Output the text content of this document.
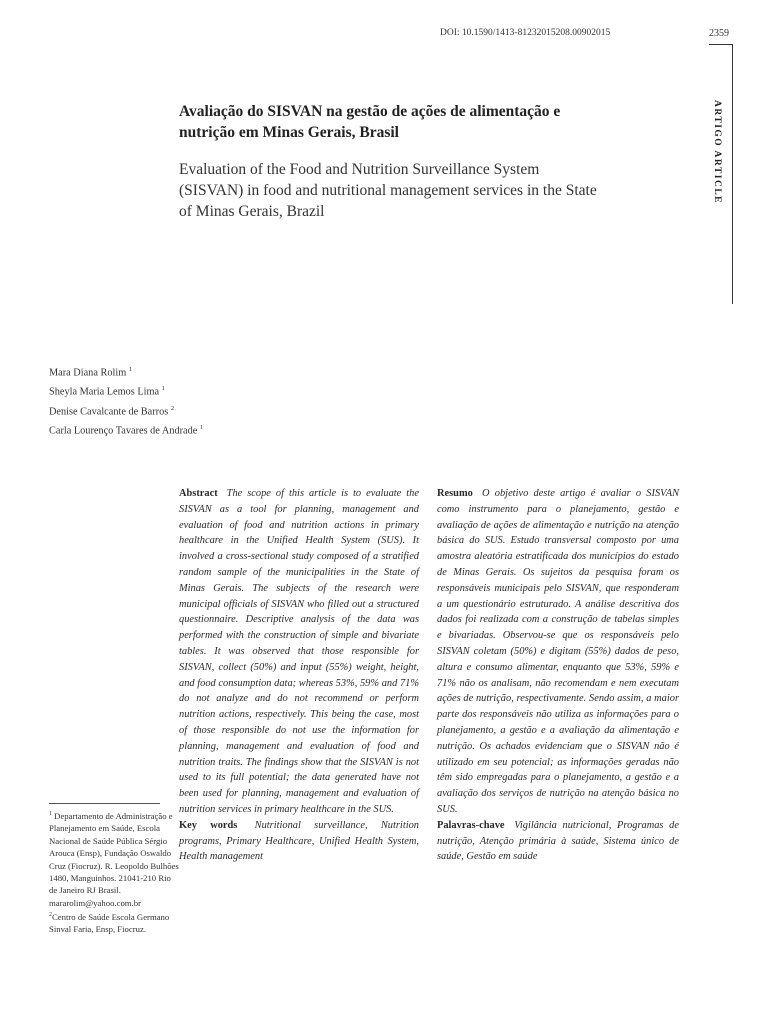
DOI: 10.1590/1413-81232015208.00902015	2359
ARTIGO ARTICLE
Avaliação do SISVAN na gestão de ações de alimentação e nutrição em Minas Gerais, Brasil
Evaluation of the Food and Nutrition Surveillance System (SISVAN) in food and nutritional management services in the State of Minas Gerais, Brazil
Mara Diana Rolim $^1$
Sheyla Maria Lemos Lima $^1$
Denise Cavalcante de Barros $^2$
Carla Lourenço Tavares de Andrade $^1$

Abstract The scope of this article is to evaluate the SISVAN as a tool for planning, management and evaluation of food and nutrition actions in primary healthcare in the Unified Health System (SUS). It involved a cross-sectional study composed of a stratified random sample of the municipalities in the State of Minas Gerais. The subjects of the research were municipal officials of SISVAN who filled out a structured questionnaire. Descriptive analysis of the data was performed with the construction of simple and bivariate tables. It was observed that those responsible for SISVAN, collect (50%) and input (55%) weight, height, and food consumption data; whereas 53%, 59% and 71% do not analyze and do not recommend or perform nutrition actions, respectively. This being the case, most of those responsible do not use the information for planning, management and evaluation of food and nutrition traits. The findings show that the SISVAN is not used to its full potential; the data generated have not been used for planning, management and evaluation of nutrition services in primary healthcare in the SUS.

Key words Nutritional surveillance, Nutrition programs, Primary Healthcare, Unified Health System, Health management

Resumo O objetivo deste artigo é avaliar o SISVAN como instrumento para o planejamento, gestão e avaliação de ações de alimentação e nutrição na atenção básica do SUS. Estudo transversal composto por uma amostra aleatória estratificada dos municípios do estado de Minas Gerais. Os sujeitos da pesquisa foram os responsáveis municipais pelo SISVAN, que responderam a um questionário estruturado. A análise descritiva dos dados foi realizada com a construção de tabelas simples e bivariadas. Observou-se que os responsáveis pelo SISVAN coletam (50%) e digitam (55%) dados de peso, altura e consumo alimentar, enquanto que 53%, 59% e 71% não os analisam, não recomendam e nem executam ações de nutrição, respectivamente. Sendo assim, a maior parte dos responsáveis não utiliza as informações para o planejamento, a gestão e a avaliação da alimentação e nutrição. Os achados evidenciam que o SISVAN não é utilizado em seu potencial; as informações geradas não têm sido empregadas para o planejamento, a gestão e a avaliação dos serviços de nutrição na atenção básica no SUS.

Palavras-chave Vigilância nutricional, Programas de nutrição, Atenção primária à saúde, Sistema único de saúde, Gestão em saúde

$^1$ Departamento de Administração e Planejamento em Saúde, Escola Nacional de Saúde Pública Sérgio Arouca (Ensp), Fundação Oswaldo Cruz (Fiocruz). R. Leopoldo Bulhões 1480, Manguinhos. 21041-210 Rio de Janeiro RJ Brasil. mararolim@yahoo.com.br
$^2$Centro de Saúde Escola Germano Sinval Faria, Ensp, Fiocruz.
